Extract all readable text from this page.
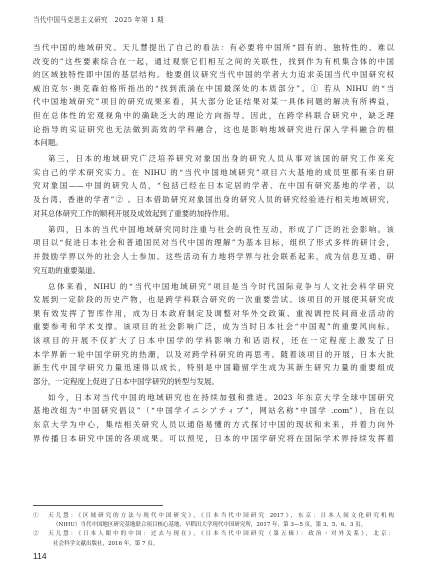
当代中国马克思主义研究　2025 年第 1 期
当代中国的地域研究。天儿慧提出了自己的看法：有必要将中国所“固有的、独特性的、难以
改变的”这些要素综合在一起，通过观察它们相互之间的关联性，找到作为有机集合体的中国
的区域独特性即中国的基层结构。他要倡议研究当代中国的学者大力追求美国当代中国研究权
威泊克尔·奥克森伯格所指出的“找到流淌在中国最深处的本质部分”。① 若从 NIHU 的“当
代中国地域研究”项目的研究成果来看，其大部分论证结果对某一具体问题的解决有所裨益，
但在总体性的宏观视角中的确缺乏大的理论方向指导。因此，在跨学科联合研究中，缺乏理
论指导的实证研究也无法做到高效的学科融合，这也是影响地域研究进行深入学科融合的根
本问题。
第三，日本的地域研究广泛培养研究对象国出身的研究人员从事对该国的研究工作来充
实自己的学术研究实力。在 NIHU 的“当代中国地域研究”项目六大基地的成员里都有来自研
究对象国——中国的研究人员，“包括已经在日本定居的学者、在中国有研究基地的学者，以
及台湾、香港的学者”② 。日本借助研究对象国出身的研究人员的研究经验进行相关地域研究，
对其总体研究工作的顺利开展及成效起到了重要的加持作用。
第四，日本的当代中国地域研究同时注重与社会的良性互动，形成了广泛的社会影响。该
项目以“促进日本社会和普通国民对当代中国的理解”为基本目标，组织了形式多样的研讨会，
并鼓励学界以外的社会人士参加。这些活动有力地将学界与社会联系起来，成为信息互通、研
究互助的重要渠道。
总体来看，NIHU 的“当代中国地域研究”项目是当今时代国际竞争与人文社会科学研究
发展到一定阶段的历史产物，也是跨学科联合研究的一次重要尝试。该项目的开展使其研究成
果有效发挥了智库作用，成为日本政府制定及调整对华外交政策、重视调控民间商业活动的
重要参考和学术支撑。该项目的社会影响广泛，成为当时日本社会“中国观”的重要风向标。
该项目的开展不仅扩大了日本中国学的学科影响力和话语权，还在一定程度上激发了日
本学界新一轮中国学研究的热潮，以及对跨学科研究的再思考。随着该项目的开展，日本大批
新生代中国学研究力量迅速得以成长，特别是中国籍留学生成为其新生研究力量的重要组成
部分，一定程度上促进了日本中国学研究的转型与发展。
如今，日本对当代中国的地域研究也在持续加强和推进。2023 年东京大学全球中国研究
基地改组为“中国研究倡议”（“中国学イニシアティブ”，网站名称“中国学 .com”），旨在以
东京大学为中心，集结相关研究人员以通俗易懂的方式探讨中国的现状和未来，并着力向外
界传播日本研究中国的各项成果。可以预见，日本的中国学研究将在国际学术界持续发挥着
①　天儿慧：《区域研究的方法与现代中国研究》，《日本当代中国研究 2017》，东京：日本人间文化研究机构
（NIHU）当代中国地区研究基地联合项目核心基地、早稻田大学现代中国研究所，2017 年，第 3—5 页，第 3、5、6、3 页。
②　天儿慧：《日本人眼中的中国：过去与现在》，《日本当代中国研究（第五辑）：政治・对外关系》，北京：
社会科学文献出版社，2016 年，第 7 页。
114
